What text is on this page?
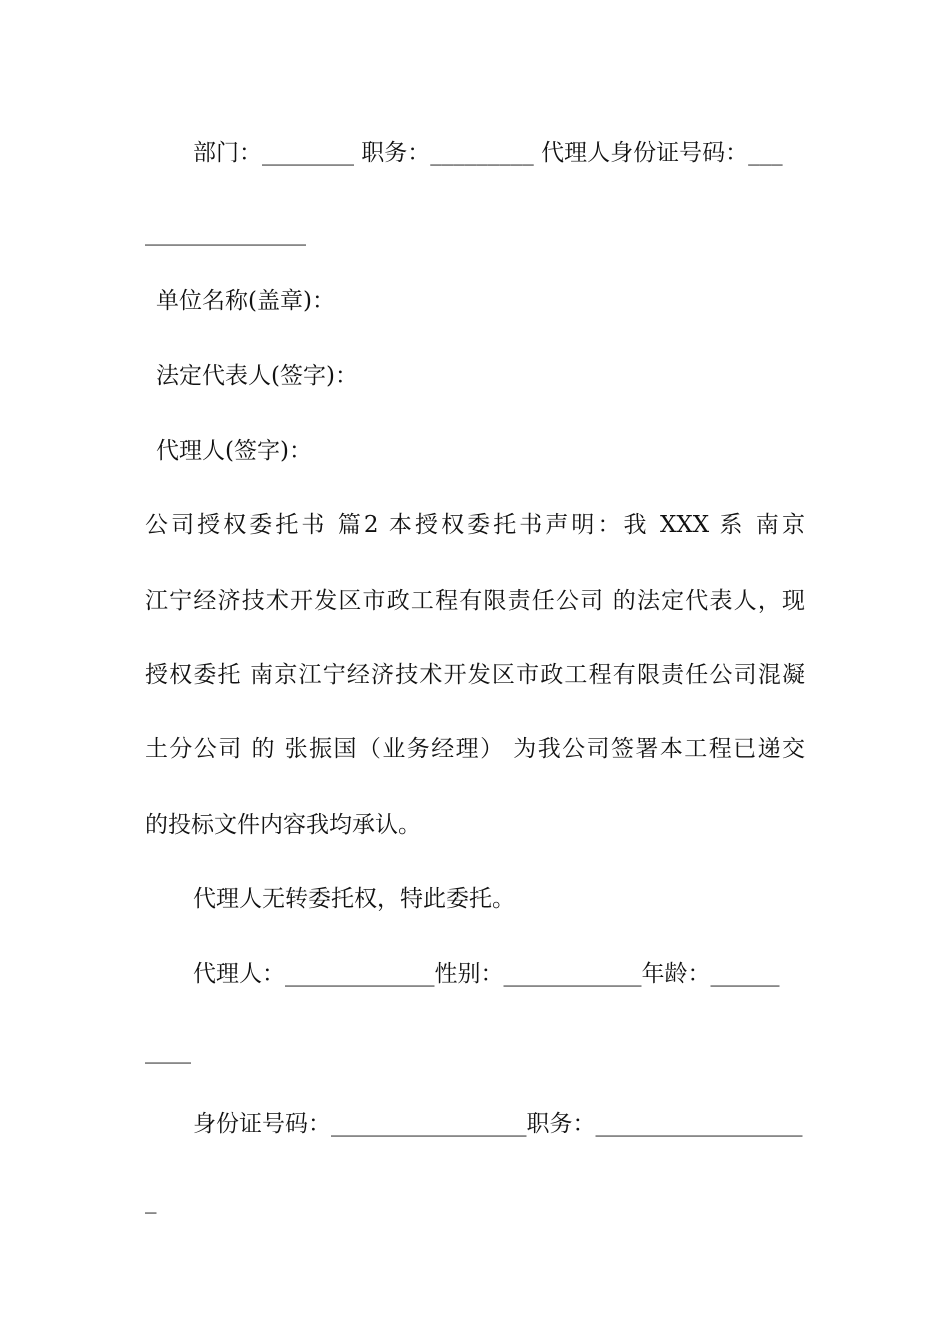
部门：________ 职务：_________ 代理人身份证号码：___
______________
单位名称(盖章)：
法定代表人(签字)：
代理人(签字)：
公司授权委托书 篇2 本授权委托书声明：我 XXX 系 南京
江宁经济技术开发区市政工程有限责任公司 的法定代表人，现
授权委托 南京江宁经济技术开发区市政工程有限责任公司混凝
土分公司 的 张振国（业务经理） 为我公司签署本工程已递交
的投标文件内容我均承认。
代理人无转委托权，特此委托。
代理人：_____________性别：____________年龄：______
____
身份证号码：_________________职务：__________________
_
